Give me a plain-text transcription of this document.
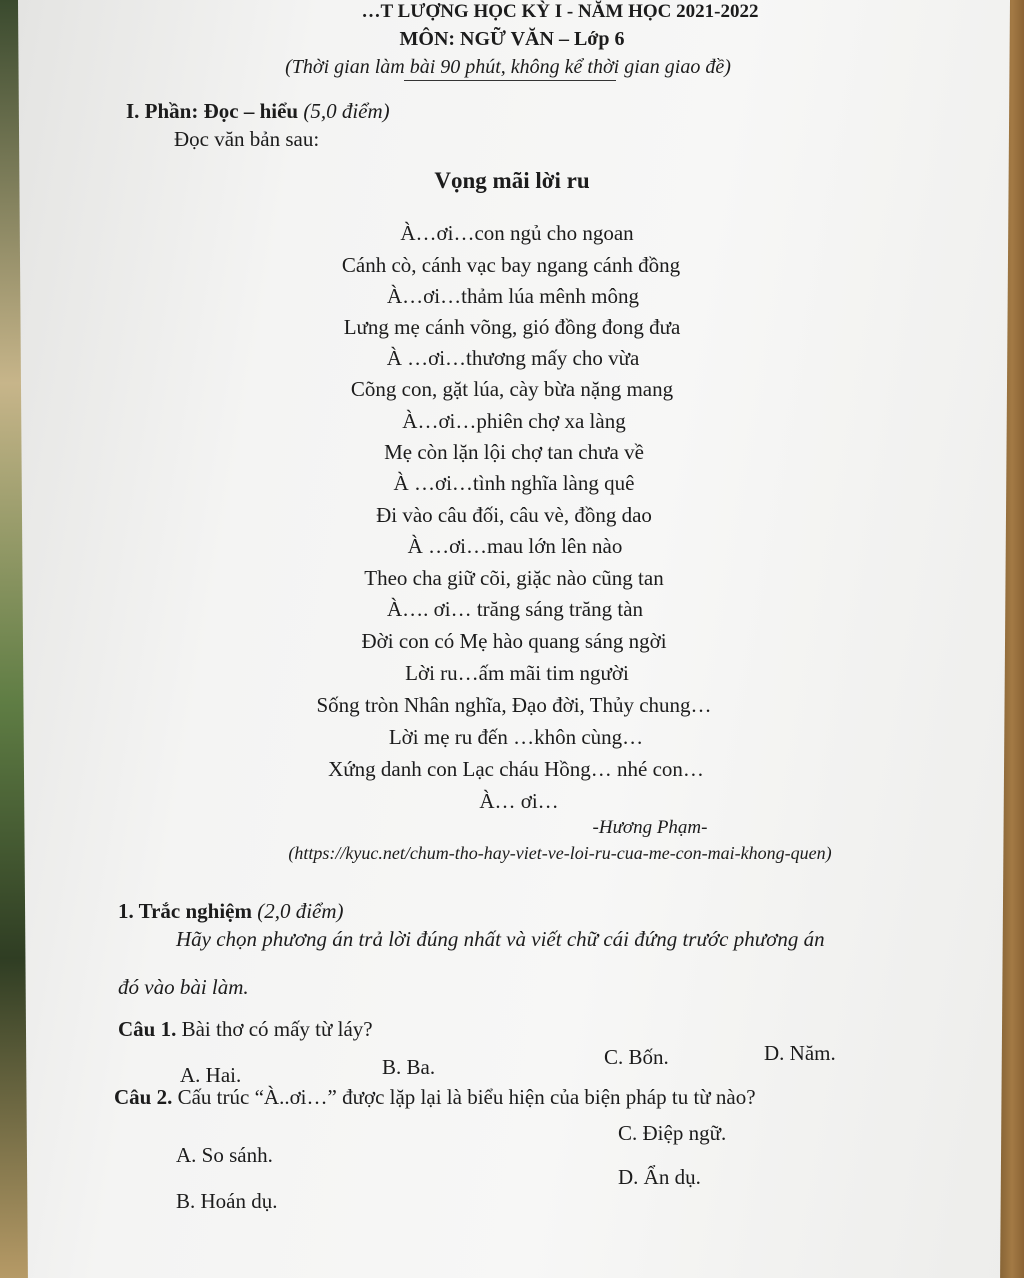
…T LƯỢNG HỌC KỲ I - NĂM HỌC 2021-2022

MÔN: NGỮ VĂN – Lớp 6

(Thời gian làm bài 90 phút, không kể thời gian giao đề)

I. Phần: Đọc – hiểu (5,0 điểm)

Đọc văn bản sau:

Vọng mãi lời ru

À…ơi…con ngủ cho ngoan

Cánh cò, cánh vạc bay ngang cánh đồng

À…ơi…thảm lúa mênh mông

Lưng mẹ cánh võng, gió đồng đong đưa

À …ơi…thương mấy cho vừa

Cõng con, gặt lúa, cày bừa nặng mang

À…ơi…phiên chợ xa làng

Mẹ còn lặn lội chợ tan chưa về

À …ơi…tình nghĩa làng quê

Đi vào câu đối, câu vè, đồng dao

À …ơi…mau lớn lên nào

Theo cha giữ cõi, giặc nào cũng tan

À…. ơi… trăng sáng trăng tàn

Đời con có Mẹ hào quang sáng ngời

Lời ru…ấm mãi tim người

Sống tròn Nhân nghĩa, Đạo đời, Thủy chung…

Lời mẹ ru đến …khôn cùng…

Xứng danh con Lạc cháu Hồng… nhé con…

À… ơi…

-Hương Phạm-

(https://kyuc.net/chum-tho-hay-viet-ve-loi-ru-cua-me-con-mai-khong-quen)

1. Trắc nghiệm (2,0 điểm)

Hãy chọn phương án trả lời đúng nhất và viết chữ cái đứng trước phương án

đó vào bài làm.

Câu 1. Bài thơ có mấy từ láy?

A. Hai.	B. Ba.	C. Bốn.	D. Năm.

Câu 2. Cấu trúc “À..ơi…” được lặp lại là biểu hiện của biện pháp tu từ nào?

A. So sánh.

B. Hoán dụ.

C. Điệp ngữ.

D. Ẩn dụ.
